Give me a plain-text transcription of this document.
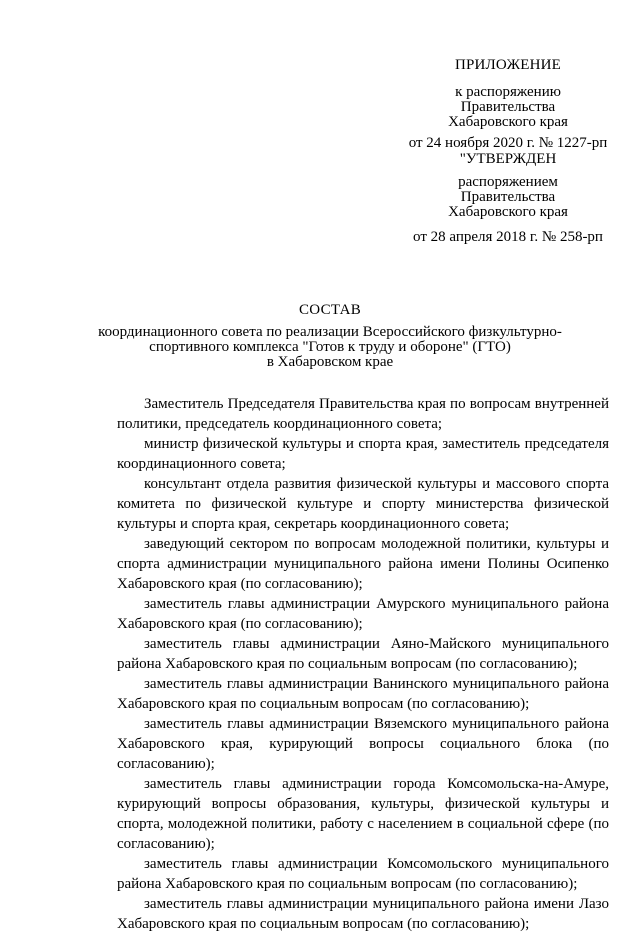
ПРИЛОЖЕНИЕ
к распоряжению
Правительства
Хабаровского края
от 24 ноября 2020 г. № 1227-рп
"УТВЕРЖДЕН
распоряжением
Правительства
Хабаровского края
от 28 апреля 2018 г. № 258-рп
СОСТАВ
координационного совета по реализации Всероссийского физкультурно-
спортивного комплекса "Готов к труду и обороне" (ГТО)
в Хабаровском крае

Заместитель Председателя Правительства края по вопросам внутренней политики, председатель координационного совета;

министр физической культуры и спорта края, заместитель председателя координационного совета;

консультант отдела развития физической культуры и массового спорта комитета по физической культуре и спорту министерства физической культуры и спорта края, секретарь координационного совета;

заведующий сектором по вопросам молодежной политики, культуры и спорта администрации муниципального района имени Полины Осипенко Хабаровского края (по согласованию);

заместитель главы администрации Амурского муниципального района Хабаровского края (по согласованию);

заместитель главы администрации Аяно-Майского муниципального района Хабаровского края по социальным вопросам (по согласованию);

заместитель главы администрации Ванинского муниципального района Хабаровского края по социальным вопросам (по согласованию);

заместитель главы администрации Вяземского муниципального района Хабаровского края, курирующий вопросы социального блока (по согласованию);

заместитель главы администрации города Комсомольска-на-Амуре, курирующий вопросы образования, культуры, физической культуры и спорта, молодежной политики, работу с населением в социальной сфере (по согласованию);

заместитель главы администрации Комсомольского муниципального района Хабаровского края по социальным вопросам (по согласованию);

заместитель главы администрации муниципального района имени Лазо Хабаровского края по социальным вопросам (по согласованию);
